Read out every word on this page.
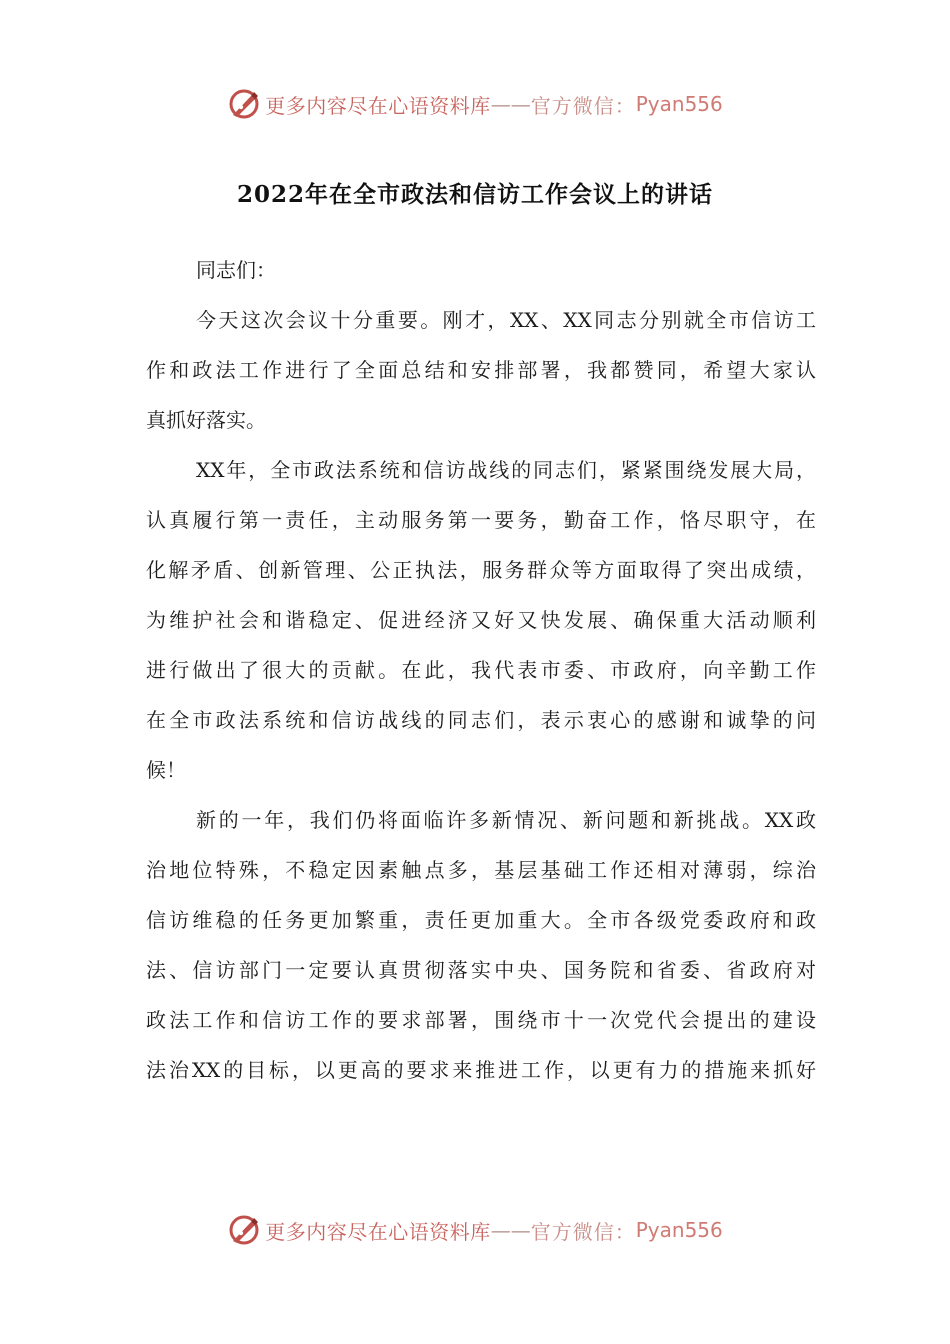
更多内容尽在心语资料库 —— 官方微信： Pyan556
2022年在全市政法和信访工作会议上的讲话
同志们：
今天这次会议十分重要。刚才，XX、XX同志分别就全市信访工
作和政法工作进行了全面总结和安排部署，我都赞同，希望大家认
真抓好落实。
XX年，全市政法系统和信访战线的同志们，紧紧围绕发展大局，
认真履行第一责任，主动服务第一要务，勤奋工作，恪尽职守，在
化解矛盾、创新管理、公正执法，服务群众等方面取得了突出成绩，
为维护社会和谐稳定、促进经济又好又快发展、确保重大活动顺利
进行做出了很大的贡献。在此，我代表市委、市政府，向辛勤工作
在全市政法系统和信访战线的同志们，表示衷心的感谢和诚挚的问
候！
新的一年，我们仍将面临许多新情况、新问题和新挑战。XX政
治地位特殊，不稳定因素触点多，基层基础工作还相对薄弱，综治
信访维稳的任务更加繁重，责任更加重大。全市各级党委政府和政
法、信访部门一定要认真贯彻落实中央、国务院和省委、省政府对
政法工作和信访工作的要求部署，围绕市十一次党代会提出的建设
法治XX的目标，以更高的要求来推进工作，以更有力的措施来抓好
更多内容尽在心语资料库 —— 官方微信： Pyan556
